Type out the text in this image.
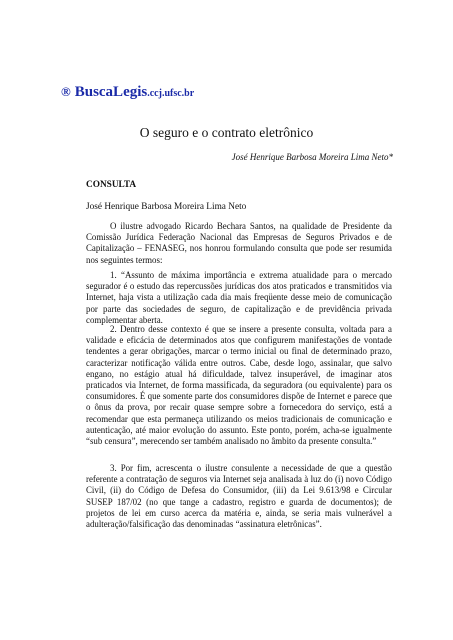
® BuscaLegis.ccj.ufsc.br
O seguro e o contrato eletrônico
José Henrique Barbosa Moreira Lima Neto*
CONSULTA
José Henrique Barbosa Moreira Lima Neto

O ilustre advogado Ricardo Bechara Santos, na qualidade de Presidente da Comissão Jurídica Federação Nacional das Empresas de Seguros Privados e de Capitalização – FENASEG, nos honrou formulando consulta que pode ser resumida nos seguintes termos:

1. “Assunto de máxima importância e extrema atualidade para o mercado segurador é o estudo das repercussões jurídicas dos atos praticados e transmitidos via Internet, haja vista a utilização cada dia mais freqüente desse meio de comunicação por parte das sociedades de seguro, de capitalização e de previdência privada complementar aberta.

2. Dentro desse contexto é que se insere a presente consulta, voltada para a validade e eficácia de determinados atos que configurem manifestações de vontade tendentes a gerar obrigações, marcar o termo inicial ou final de determinado prazo, caracterizar notificação válida entre outros. Cabe, desde logo, assinalar, que salvo engano, no estágio atual há dificuldade, talvez insuperável, de imaginar atos praticados via Internet, de forma massificada, da seguradora (ou equivalente) para os consumidores. É que somente parte dos consumidores dispõe de Internet e parece que o ônus da prova, por recair quase sempre sobre a fornecedora do serviço, está a recomendar que esta permaneça utilizando os meios tradicionais de comunicação e autenticação, até maior evolução do assunto. Este ponto, porém, acha-se igualmente “sub censura”, merecendo ser também analisado no âmbito da presente consulta.”

3. Por fim, acrescenta o ilustre consulente a necessidade de que a questão referente a contratação de seguros via Internet seja analisada à luz do (i) novo Código Civil, (ii) do Código de Defesa do Consumidor, (iii) da Lei 9.613/98 e Circular SUSEP 187/02 (no que tange a cadastro, registro e guarda de documentos); de projetos de lei em curso acerca da matéria e, ainda, se seria mais vulnerável a adulteração/falsificação das denominadas “assinatura eletrônicas”.
